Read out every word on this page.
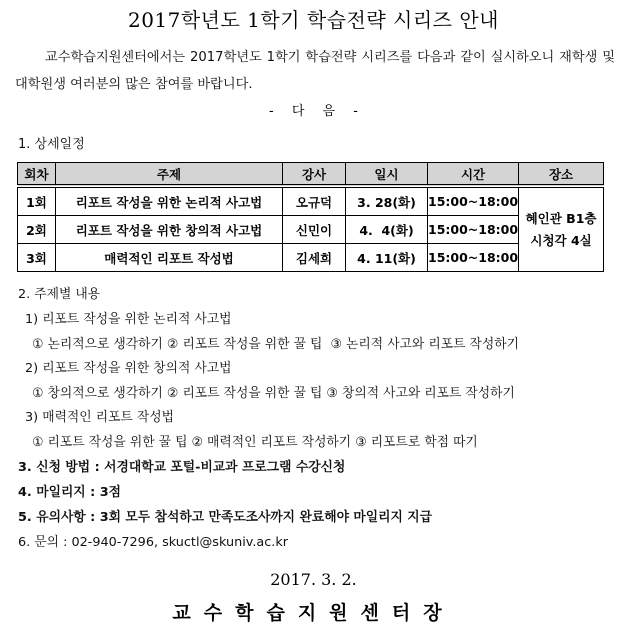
2017학년도 1학기 학습전략 시리즈 안내
교수학습지원센터에서는 2017학년도 1학기 학습전략 시리즈를 다음과 같이 실시하오니 재학생 및 대학원생 여러분의 많은 참여를 바랍니다.
- 다 음 -
1. 상세일정
회차	주제	강사	일시	시간	장소
1회	리포트 작성을 위한 논리적 사고법	오규덕	3. 28(화)	15:00~18:00	혜인관 B1층
시청각 4실

2회	리포트 작성을 위한 창의적 사고법	신민이	4.  4(화)	15:00~18:00	
3회	매력적인 리포트 작성법	김세희	4. 11(화)	15:00~18:00	
2. 주제별 내용
1) 리포트 작성을 위한 논리적 사고법
① 논리적으로 생각하기 ② 리포트 작성을 위한 꿀 팁  ③ 논리적 사고와 리포트 작성하기
2) 리포트 작성을 위한 창의적 사고법
① 창의적으로 생각하기 ② 리포트 작성을 위한 꿀 팁 ③ 창의적 사고와 리포트 작성하기
3) 매력적인 리포트 작성법
① 리포트 작성을 위한 꿀 팁 ② 매력적인 리포트 작성하기 ③ 리포트로 학점 따기
3. 신청 방법 : 서경대학교 포털-비교과 프로그램 수강신청
4. 마일리지 : 3점
5. 유의사항 : 3회 모두 참석하고 만족도조사까지 완료해야 마일리지 지급
6. 문의 : 02-940-7296, skuctl@skuniv.ac.kr
2017. 3. 2.
교수학습지원센터장
